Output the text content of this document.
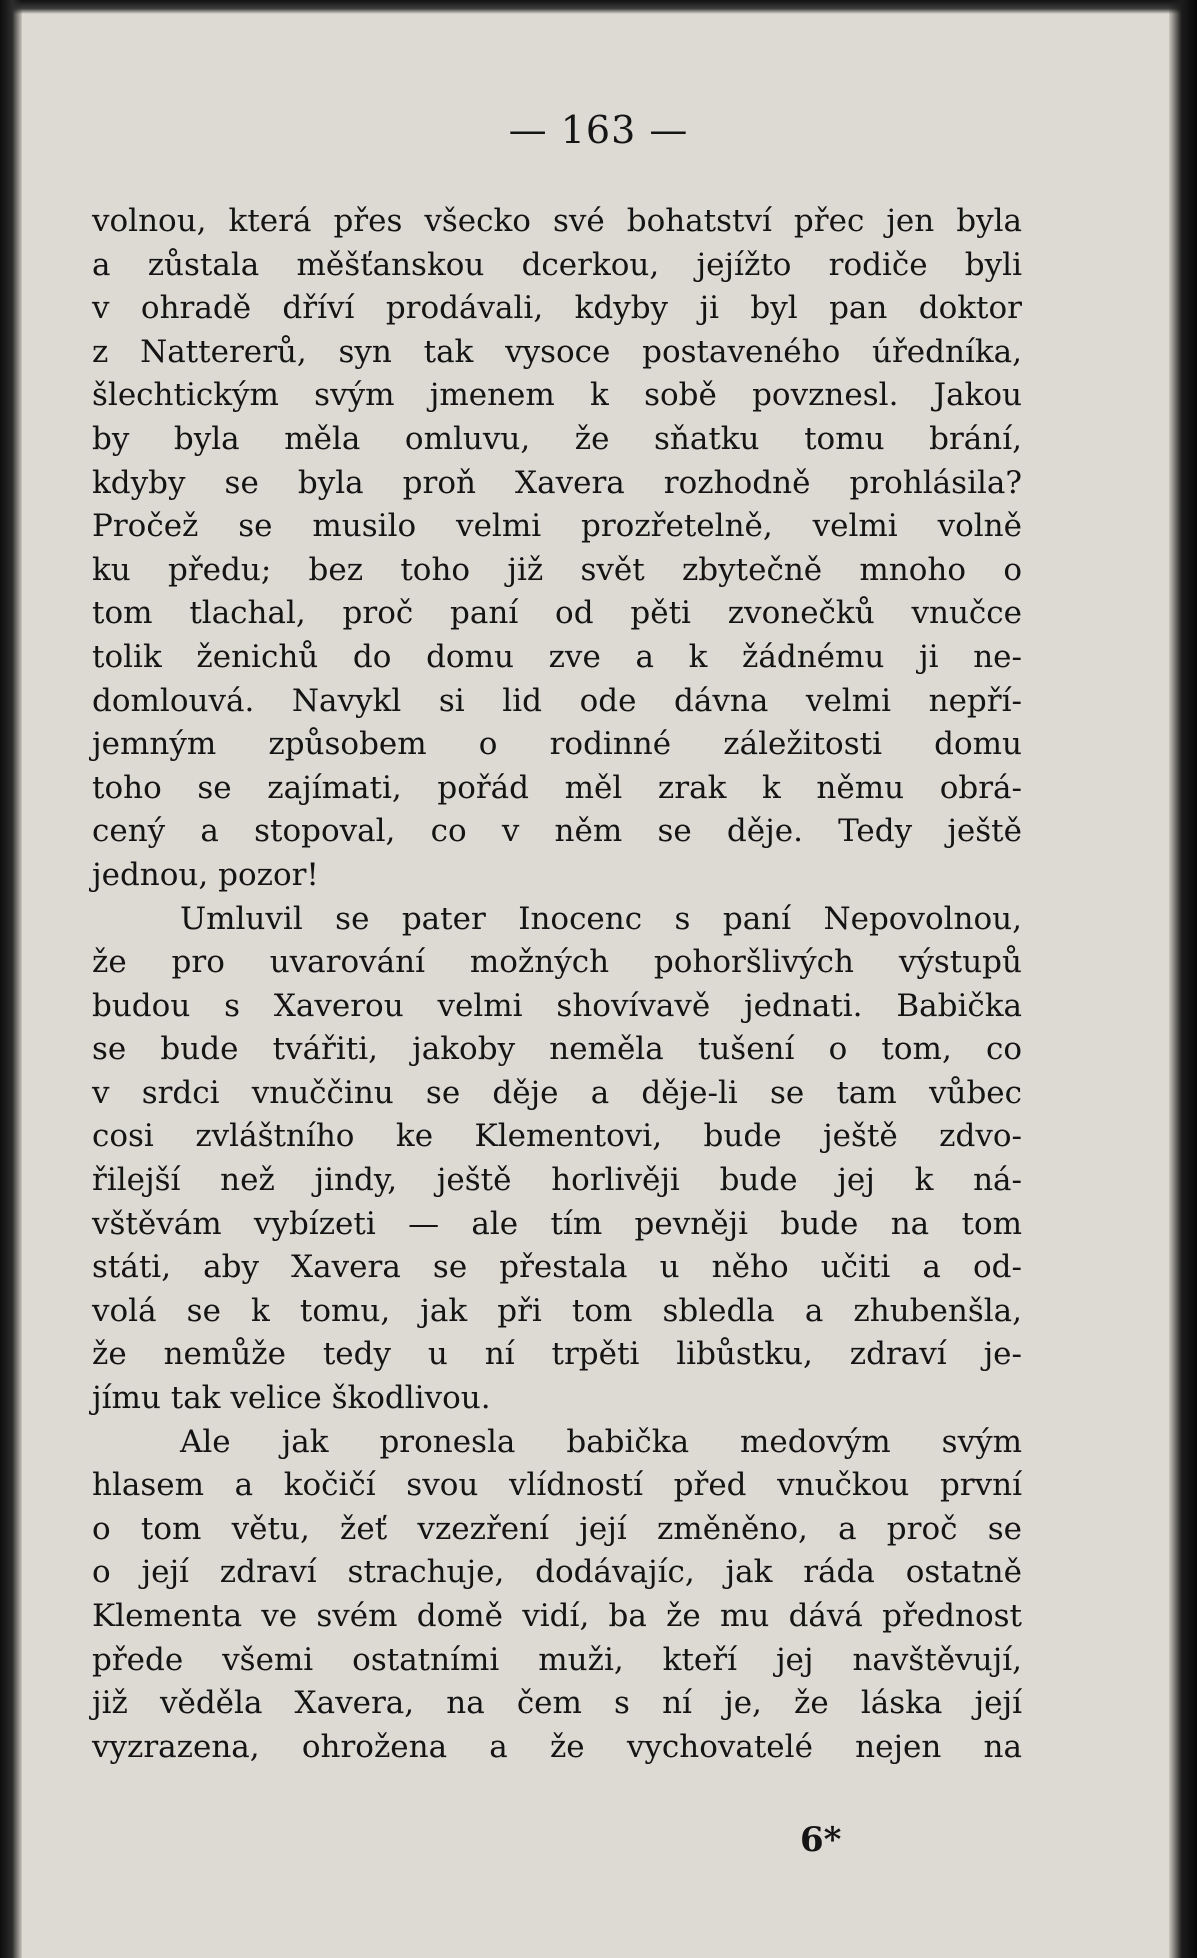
— 163 —
volnou, která přes všecko své bohatství přec jen byla
a zůstala měšťanskou dcerkou, jejížto rodiče byli
v ohradě dříví prodávali, kdyby ji byl pan doktor
z Nattererů, syn tak vysoce postaveného úředníka,
šlechtickým svým jmenem k sobě povznesl. Jakou
by byla měla omluvu, že sňatku tomu brání,
kdyby se byla proň Xavera rozhodně prohlásila?
Pročež se musilo velmi prozřetelně, velmi volně
ku předu; bez toho již svět zbytečně mnoho o
tom tlachal, proč paní od pěti zvonečků vnučce
tolik ženichů do domu zve a k žádnému ji ne-
domlouvá. Navykl si lid ode dávna velmi nepří-
jemným způsobem o rodinné záležitosti domu
toho se zajímati, pořád měl zrak k němu obrá-
cený a stopoval, co v něm se děje. Tedy ještě
jednou, pozor!
Umluvil se pater Inocenc s paní Nepovolnou,
že pro uvarování možných pohoršlivých výstupů
budou s Xaverou velmi shovívavě jednati. Babička
se bude tvářiti, jakoby neměla tušení o tom, co
v srdci vnuččinu se děje a děje-li se tam vůbec
cosi zvláštního ke Klementovi, bude ještě zdvo-
řilejší než jindy, ještě horlivěji bude jej k ná-
vštěvám vybízeti — ale tím pevněji bude na tom
státi, aby Xavera se přestala u něho učiti a od-
volá se k tomu, jak při tom sbledla a zhubenšla,
že nemůže tedy u ní trpěti libůstku, zdraví je-
jímu tak velice škodlivou.
Ale jak pronesla babička medovým svým
hlasem a kočičí svou vlídností před vnučkou první
o tom větu, žeť vzezření její změněno, a proč se
o její zdraví strachuje, dodávajíc, jak ráda ostatně
Klementa ve svém domě vidí, ba že mu dává přednost
přede všemi ostatními muži, kteří jej navštěvují,
již věděla Xavera, na čem s ní je, že láska její
vyzrazena, ohrožena a že vychovatelé nejen na
6*
